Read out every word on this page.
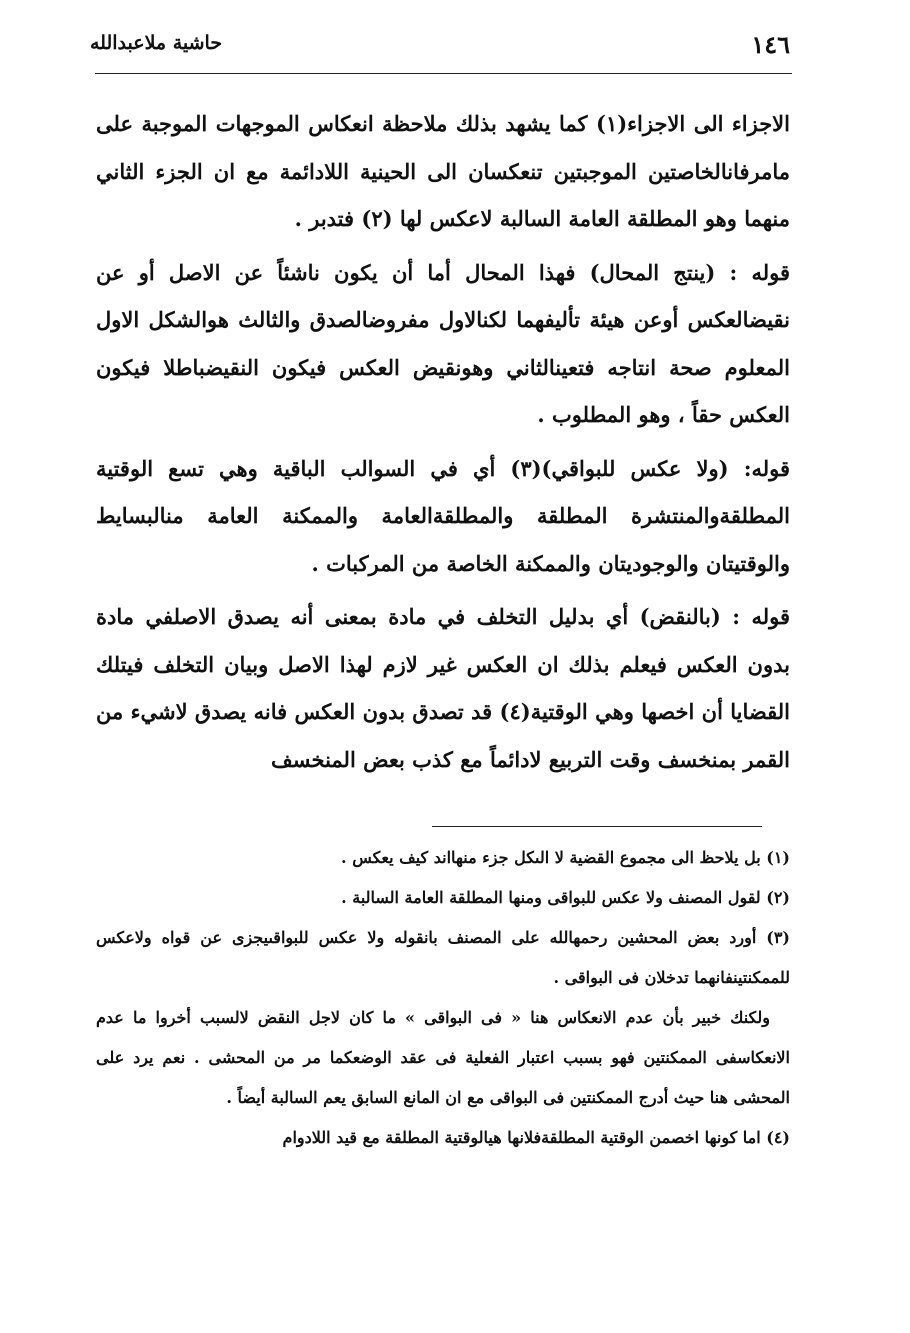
١٤٦
حاشية ملاعبدالله

الاجزاء الى الاجزاء(١) كما يشهد بذلك ملاحظة انعكاس الموجهات الموجبة على مامرفانالخاصتين الموجبتين تنعكسان الى الحينية اللادائمة مع ان الجزء الثاني منهما وهو المطلقة العامة السالبة لاعكس لها (٢) فتدبر .

قوله : (ينتج المحال) فهذا المحال أما أن يكون ناشئاً عن الاصل أو عن نقيضالعكس أوعن هيئة تأليفهما لكنالاول مفروضالصدق والثالث هوالشكل الاول المعلوم صحة انتاجه فتعينالثاني وهونقيض العكس فيكون النقيضباطلا فيكون العكس حقاً ، وهو المطلوب .

قوله: (ولا عكس للبواقي)(٣) أي في السوالب الباقية وهي تسع الوقتية المطلقةوالمنتشرة المطلقة والمطلقةالعامة والممكنة العامة منالبسايط والوقتيتان والوجوديتان والممكنة الخاصة من المركبات .

قوله : (بالنقض) أي بدليل التخلف في مادة بمعنى أنه يصدق الاصلفي مادة بدون العكس فيعلم بذلك ان العكس غير لازم لهذا الاصل وبيان التخلف فيتلك القضايا أن اخصها وهي الوقتية(٤) قد تصدق بدون العكس فانه يصدق لاشيء من القمر بمنخسف وقت التربيع لادائماً مع كذب بعض المنخسف

(١) بل يلاحظ الى مجموع القضية لا الىكل جزء منهااند كيف يعكس .

(٢) لقول المصنف ولا عكس للبواقى ومنها المطلقة العامة السالبة .

(٣) أورد بعض المحشين رحمهالله على المصنف بانقوله ولا عكس للبواقىيجزى عن قواه ولاعكس للممكنتينفانهما تدخلان فى البواقى .

ولكنك خبير بأن عدم الانعكاس هنا « فى البواقى » ما كان لاجل النقض لالسبب أخروا ما عدم الانعكاسفى الممكنتين فهو بسبب اعتبار الفعلية فى عقد الوضعكما مر من المحشى . نعم يرد على المحشى هنا حيث أدرج الممكنتين فى البواقى مع ان المانع السابق يعم السالبة أيضاً .

(٤) اما كونها اخصمن الوقتية المطلقةفلانها هيالوقتية المطلقة مع قيد اللادوام
